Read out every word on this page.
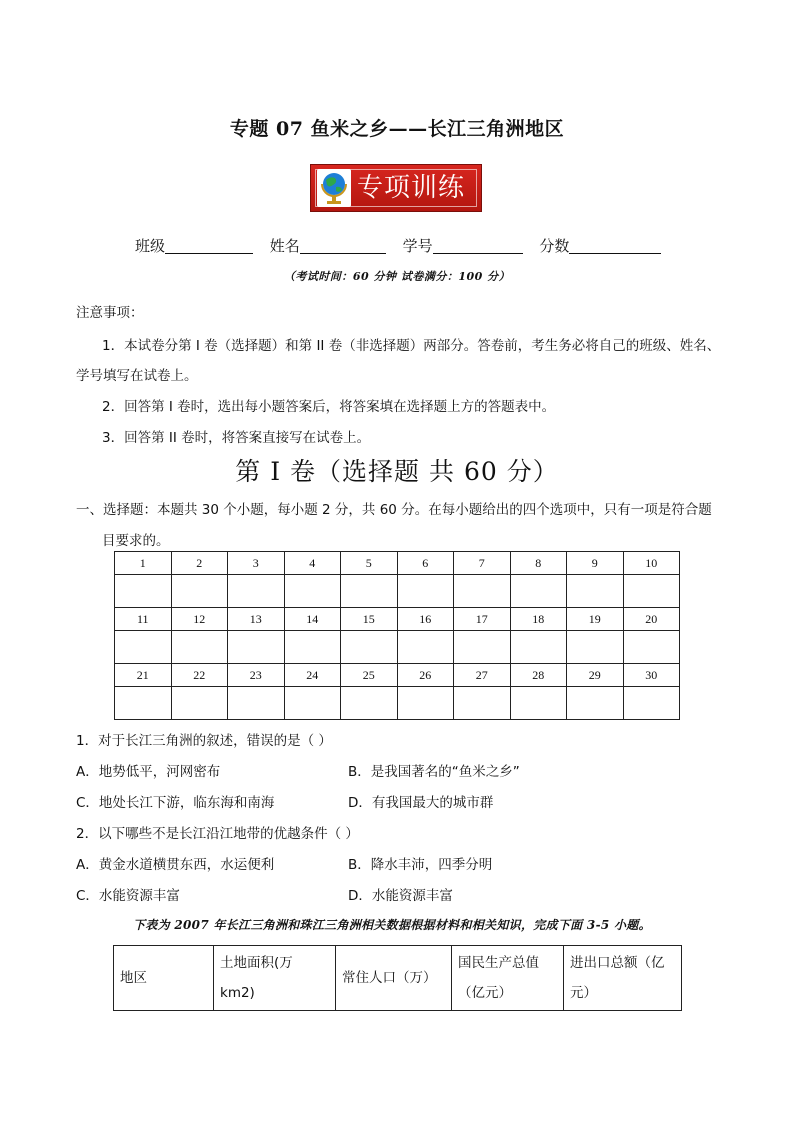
专题 07 鱼米之乡——长江三角洲地区
专项训练
班级	姓名	学号	分数
（考试时间：60 分钟 试卷满分：100 分）
注意事项：
1．本试卷分第 I 卷（选择题）和第 II 卷（非选择题）两部分。答卷前，考生务必将自己的班级、姓名、
学号填写在试卷上。
2．回答第 I 卷时，选出每小题答案后，将答案填在选择题上方的答题表中。
3．回答第 II 卷时，将答案直接写在试卷上。
第 I 卷（选择题 共 60 分）
一、选择题：本题共 30 个小题，每小题 2 分，共 60 分。在每小题给出的四个选项中，只有一项是符合题
目要求的。
1	2	3	4	5	6	7	8	9	10

11	12	13	14	15	16	17	18	19	20

21	22	23	24	25	26	27	28	29	30

1．对于长江三角洲的叙述，错误的是（ ）
A．地势低平，河网密布	B．是我国著名的“鱼米之乡”
C．地处长江下游，临东海和南海	D．有我国最大的城市群
2．以下哪些不是长江沿江地带的优越条件（ ）
A．黄金水道横贯东西，水运便利	B．降水丰沛，四季分明
C．水能资源丰富	D．水能资源丰富
下表为 2007 年长江三角洲和珠江三角洲相关数据根据材料和相关知识，完成下面 3-5 小题。
地区	土地面积(万 km2)	常住人口（万）	国民生产总值（亿元）	进出口总额（亿元）
